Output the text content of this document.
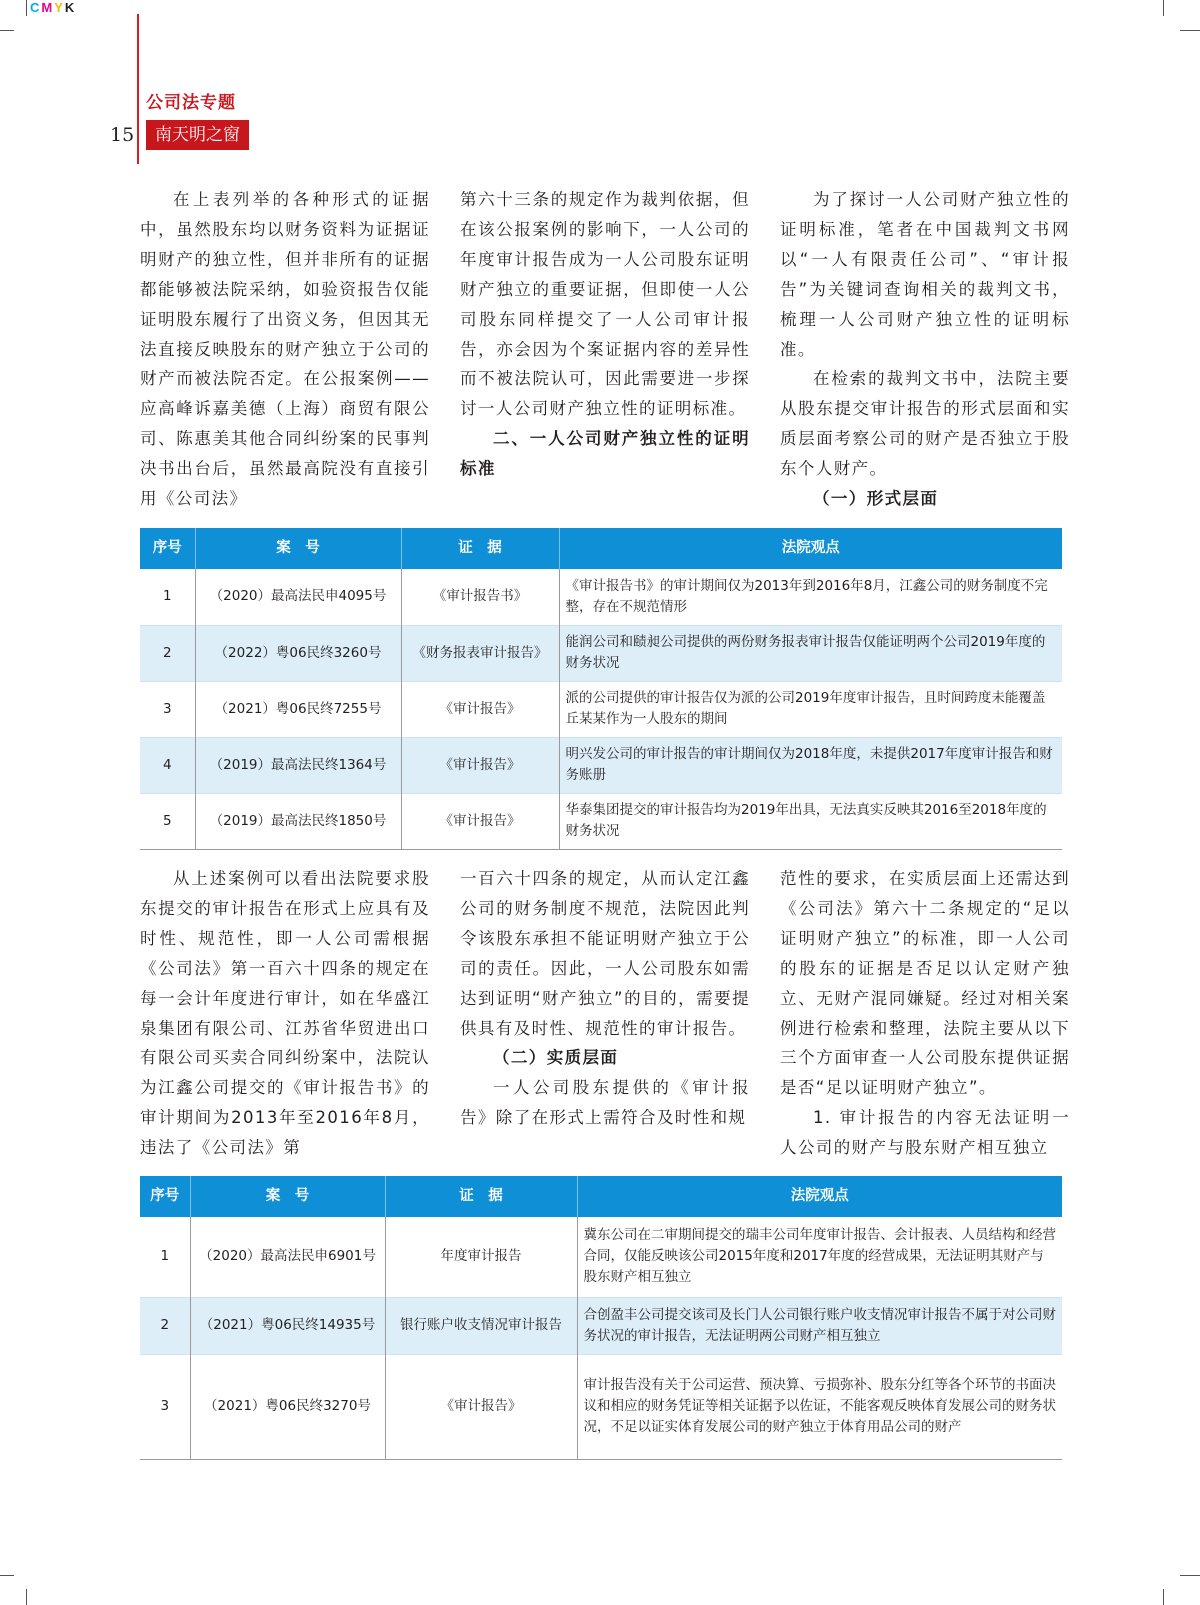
CMYK
公司法专题
15	南天明之窗

在上表列举的各种形式的证据中，虽然股东均以财务资料为证据证明财产的独立性，但并非所有的证据都能够被法院采纳，如验资报告仅能证明股东履行了出资义务，但因其无法直接反映股东的财产独立于公司的财产而被法院否定。在公报案例——应高峰诉嘉美德（上海）商贸有限公司、陈惠美其他合同纠纷案的民事判决书出台后，虽然最高院没有直接引用《公司法》

第六十三条的规定作为裁判依据，但在该公报案例的影响下，一人公司的年度审计报告成为一人公司股东证明财产独立的重要证据，但即使一人公司股东同样提交了一人公司审计报告，亦会因为个案证据内容的差异性而不被法院认可，因此需要进一步探讨一人公司财产独立性的证明标准。

二、一人公司财产独立性的证明标准

为了探讨一人公司财产独立性的证明标准，笔者在中国裁判文书网以“一人有限责任公司”、“审计报告”为关键词查询相关的裁判文书，梳理一人公司财产独立性的证明标准。

在检索的裁判文书中，法院主要从股东提交审计报告的形式层面和实质层面考察公司的财产是否独立于股东个人财产。

（一）形式层面
序号	案　号	证　据	法院观点
1	（2020）最高法民申4095号	《审计报告书》	《审计报告书》的审计期间仅为2013年到2016年8月，江鑫公司的财务制度不完整，存在不规范情形
2	（2022）粤06民终3260号	《财务报表审计报告》	能润公司和赜昶公司提供的两份财务报表审计报告仅能证明两个公司2019年度的财务状况
3	（2021）粤06民终7255号	《审计报告》	派的公司提供的审计报告仅为派的公司2019年度审计报告，且时间跨度未能覆盖丘某某作为一人股东的期间
4	（2019）最高法民终1364号	《审计报告》	明兴发公司的审计报告的审计期间仅为2018年度，未提供2017年度审计报告和财务账册
5	（2019）最高法民终1850号	《审计报告》	华泰集团提交的审计报告均为2019年出具，无法真实反映其2016至2018年度的财务状况

从上述案例可以看出法院要求股东提交的审计报告在形式上应具有及时性、规范性，即一人公司需根据《公司法》第一百六十四条的规定在每一会计年度进行审计，如在华盛江泉集团有限公司、江苏省华贸进出口有限公司买卖合同纠纷案中，法院认为江鑫公司提交的《审计报告书》的审计期间为2013年至2016年8月，违法了《公司法》第

一百六十四条的规定，从而认定江鑫公司的财务制度不规范，法院因此判令该股东承担不能证明财产独立于公司的责任。因此，一人公司股东如需达到证明“财产独立”的目的，需要提供具有及时性、规范性的审计报告。

（二）实质层面

一人公司股东提供的《审计报告》除了在形式上需符合及时性和规

范性的要求，在实质层面上还需达到《公司法》第六十二条规定的“足以证明财产独立”的标准，即一人公司的股东的证据是否足以认定财产独立、无财产混同嫌疑。经过对相关案例进行检索和整理，法院主要从以下三个方面审查一人公司股东提供证据是否“足以证明财产独立”。

1. 审计报告的内容无法证明一人公司的财产与股东财产相互独立

序号	案　号	证　据	法院观点
1	（2020）最高法民申6901号	年度审计报告	冀东公司在二审期间提交的瑞丰公司年度审计报告、会计报表、人员结构和经营合同，仅能反映该公司2015年度和2017年度的经营成果，无法证明其财产与股东财产相互独立
2	（2021）粤06民终14935号	银行账户收支情况审计报告	合创盈丰公司提交该司及长门人公司银行账户收支情况审计报告不属于对公司财务状况的审计报告，无法证明两公司财产相互独立
3	（2021）粤06民终3270号	《审计报告》	审计报告没有关于公司运营、预决算、亏损弥补、股东分红等各个环节的书面决议和相应的财务凭证等相关证据予以佐证，不能客观反映体育发展公司的财务状况，不足以证实体育发展公司的财产独立于体育用品公司的财产
